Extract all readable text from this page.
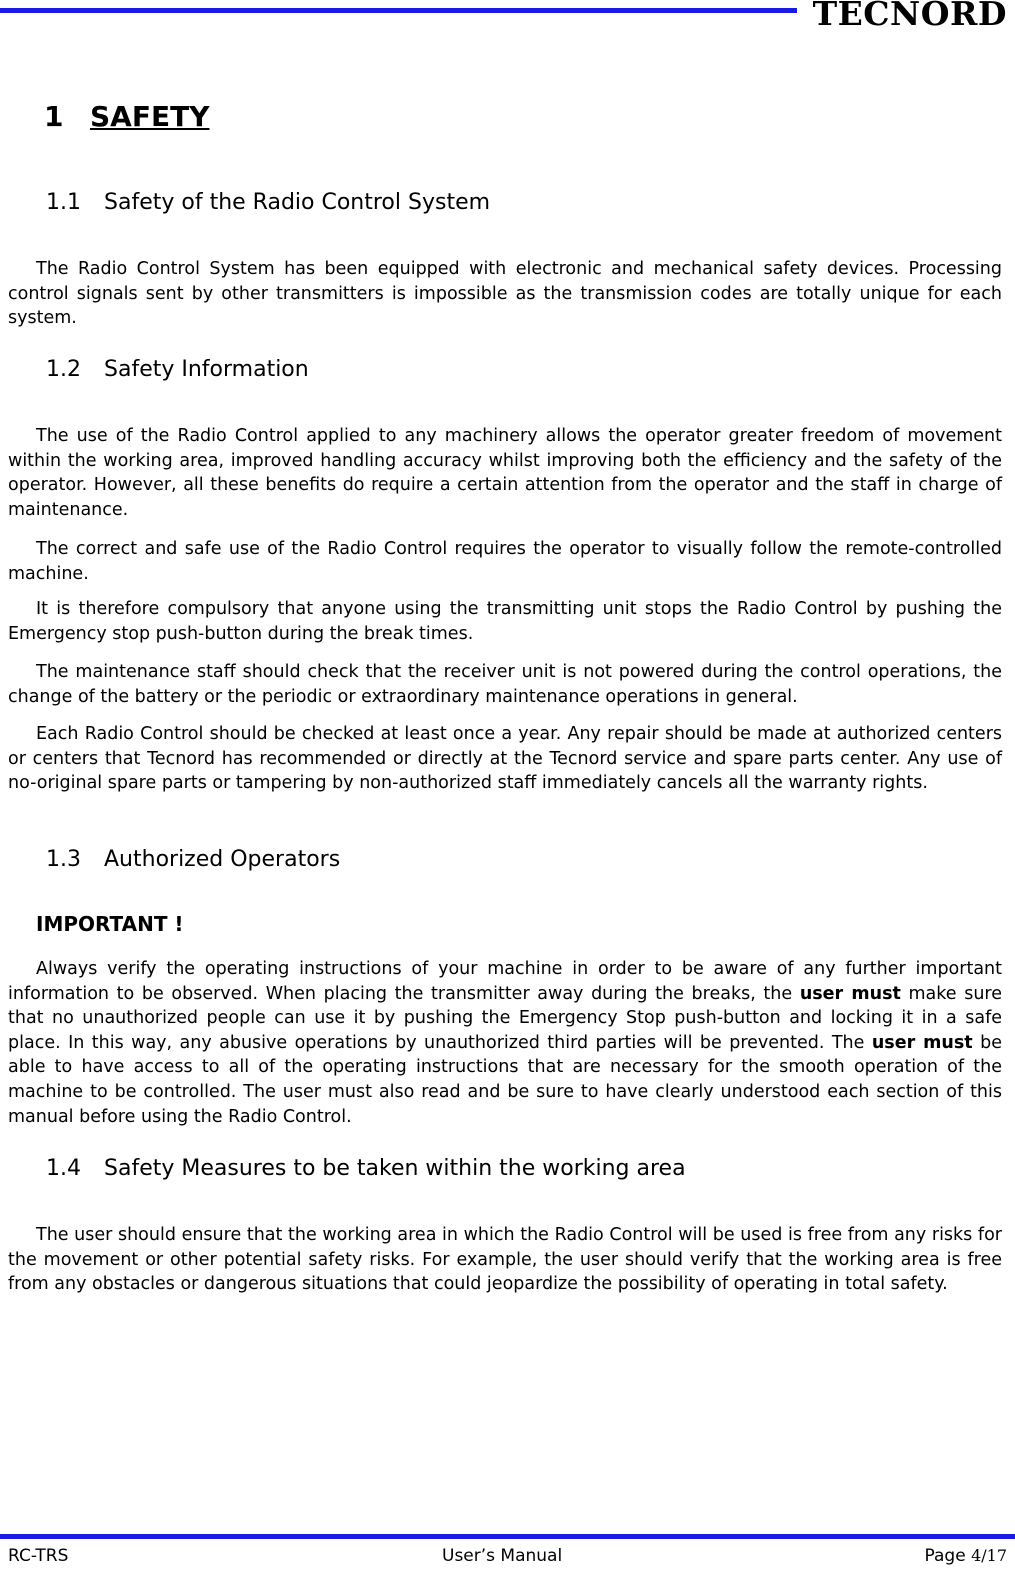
TECNORD
1 SAFETY
1.1 Safety of the Radio Control System

The Radio Control System has been equipped with electronic and mechanical safety devices. Processing control signals sent by other transmitters is impossible as the transmission codes are totally unique for each system.

1.2 Safety Information

The use of the Radio Control applied to any machinery allows the operator greater freedom of movement within the working area, improved handling accuracy whilst improving both the efficiency and the safety of the operator. However, all these benefits do require a certain attention from the operator and the staff in charge of maintenance.

The correct and safe use of the Radio Control requires the operator to visually follow the remote-controlled machine.

It is therefore compulsory that anyone using the transmitting unit stops the Radio Control by pushing the Emergency stop push-button during the break times.

The maintenance staff should check that the receiver unit is not powered during the control operations, the change of the battery or the periodic or extraordinary maintenance operations in general.

Each Radio Control should be checked at least once a year. Any repair should be made at authorized centers or centers that Tecnord has recommended or directly at the Tecnord service and spare parts center. Any use of no-original spare parts or tampering by non-authorized staff immediately cancels all the warranty rights.

1.3 Authorized Operators
IMPORTANT !

Always verify the operating instructions of your machine in order to be aware of any further important information to be observed. When placing the transmitter away during the breaks, the user must make sure that no unauthorized people can use it by pushing the Emergency Stop push-button and locking it in a safe place. In this way, any abusive operations by unauthorized third parties will be prevented. The user must be able to have access to all of the operating instructions that are necessary for the smooth operation of the machine to be controlled. The user must also read and be sure to have clearly understood each section of this manual before using the Radio Control.

1.4 Safety Measures to be taken within the working area

The user should ensure that the working area in which the Radio Control will be used is free from any risks for the movement or other potential safety risks. For example, the user should verify that the working area is free from any obstacles or dangerous situations that could jeopardize the possibility of operating in total safety.

RC-TRS	User’s Manual	Page 4/17
